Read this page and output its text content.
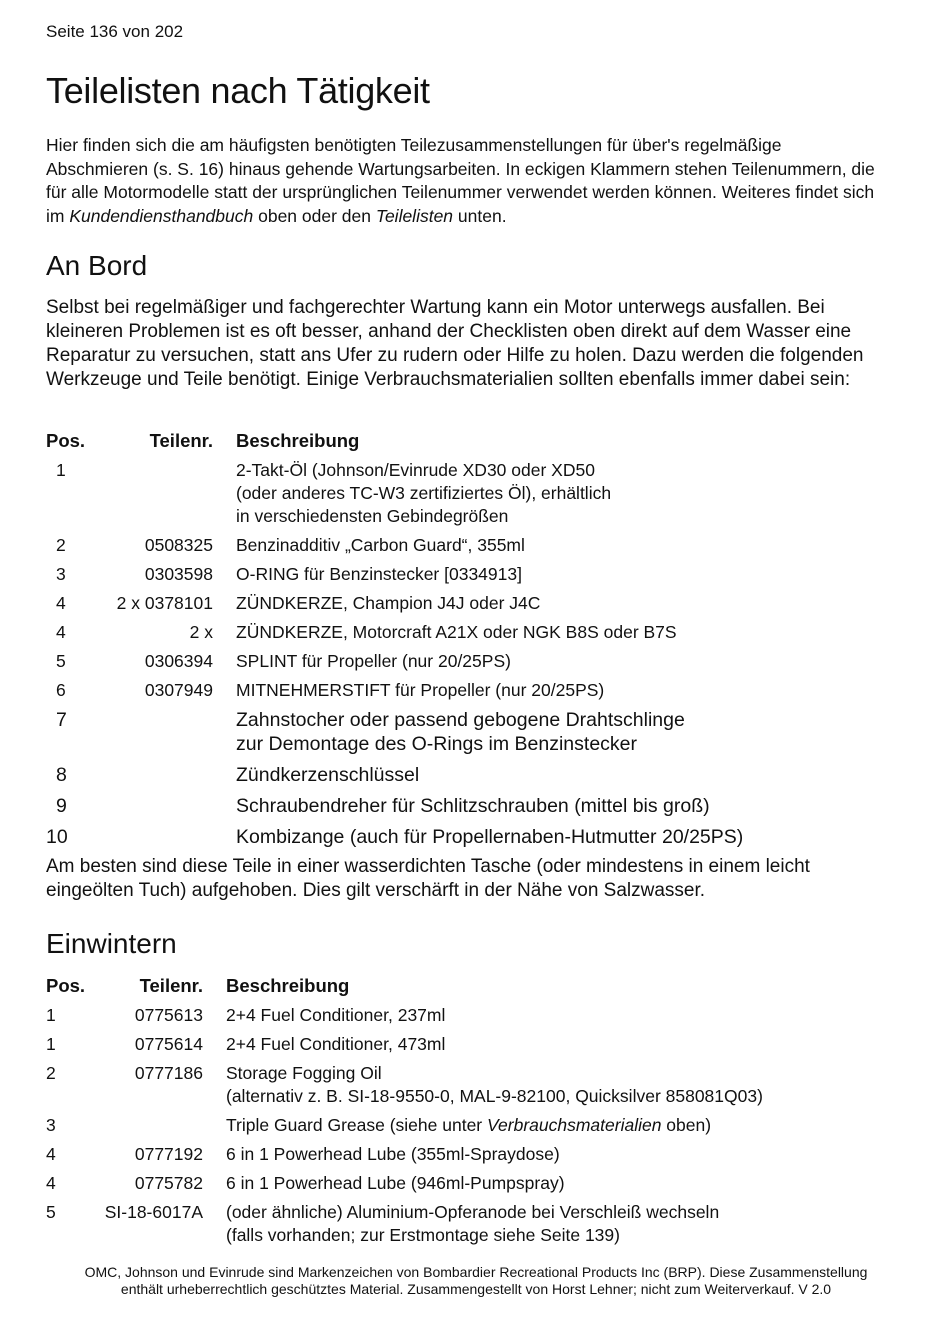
Seite 136 von 202
Teilelisten nach Tätigkeit

Hier finden sich die am häufigsten benötigten Teilezusammenstellungen für über's regelmäßige Abschmieren (s. S. 16) hinaus gehende Wartungsarbeiten. In eckigen Klammern stehen Teilenummern, die für alle Motormodelle statt der ursprünglichen Teilenummer verwendet werden können. Weiteres findet sich im Kundendiensthandbuch oben oder den Teilelisten unten.

An Bord

Selbst bei regelmäßiger und fachgerechter Wartung kann ein Motor unterwegs ausfallen. Bei kleineren Problemen ist es oft besser, anhand der Checklisten oben direkt auf dem Wasser eine Reparatur zu versuchen, statt ans Ufer zu rudern oder Hilfe zu holen. Dazu werden die folgenden Werkzeuge und Teile benötigt. Einige Verbrauchsmaterialien sollten ebenfalls immer dabei sein:

Pos.	Teilenr.	Beschreibung
1		2-Takt-Öl (Johnson/Evinrude XD30 oder XD50
(oder anderes TC-W3 zertifiziertes Öl), erhältlich
in verschiedensten Gebindegrößen

2	0508325	Benzinadditiv „Carbon Guard“, 355ml

3	0303598	O-RING für Benzinstecker [0334913]

4	2 x 0378101	ZÜNDKERZE, Champion J4J oder J4C

4	2 x	ZÜNDKERZE, Motorcraft A21X oder NGK B8S oder B7S

5	0306394	SPLINT für Propeller (nur 20/25PS)

6	0307949	MITNEHMERSTIFT für Propeller (nur 20/25PS)

7		Zahnstocher oder passend gebogene Drahtschlinge
zur Demontage des O-Rings im Benzinstecker

8		Zündkerzenschlüssel

9		Schraubendreher für Schlitzschrauben (mittel bis groß)

10		Kombizange (auch für Propellernaben-Hutmutter 20/25PS)

Am besten sind diese Teile in einer wasserdichten Tasche (oder mindestens in einem leicht eingeölten Tuch) aufgehoben. Dies gilt verschärft in der Nähe von Salzwasser.

Einwintern
Pos.	Teilenr.	Beschreibung
1	0775613	2+4 Fuel Conditioner, 237ml

1	0775614	2+4 Fuel Conditioner, 473ml

2	0777186	Storage Fogging Oil
(alternativ z. B. SI-18-9550-0, MAL-9-82100, Quicksilver 858081Q03)

3		Triple Guard Grease (siehe unter Verbrauchsmaterialien oben)
4	0777192	6 in 1 Powerhead Lube (355ml-Spraydose)

4	0775782	6 in 1 Powerhead Lube (946ml-Pumpspray)

5	SI-18-6017A	(oder ähnliche) Aluminium-Opferanode bei Verschleiß wechseln
(falls vorhanden; zur Erstmontage siehe Seite 139)
OMC, Johnson und Evinrude sind Markenzeichen von Bombardier Recreational Products Inc (BRP). Diese Zusammenstellung
enthält urheberrechtlich geschütztes Material. Zusammengestellt von Horst Lehner; nicht zum Weiterverkauf. V 2.0
